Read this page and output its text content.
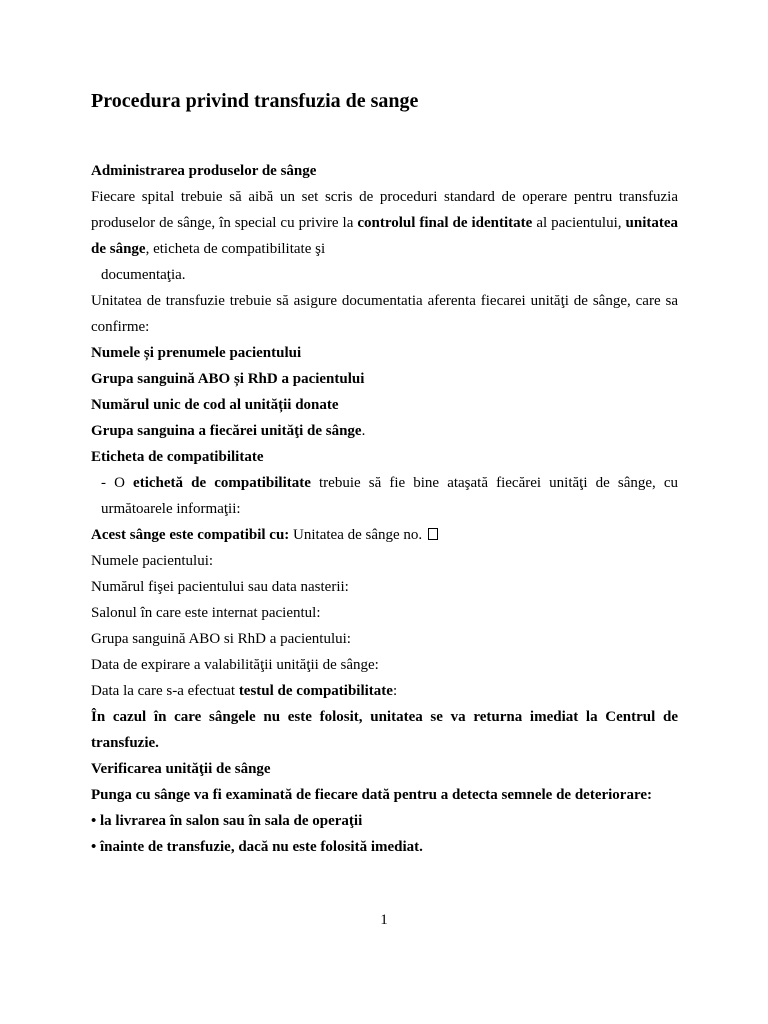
Procedura privind transfuzia de sange
Administrarea produselor de sânge
Fiecare spital trebuie să aibă un set scris de proceduri standard de operare pentru transfuzia produselor de sânge, în special cu privire la controlul final de identitate al pacientului, unitatea de sânge, eticheta de compatibilitate şi
documentaţia.
Unitatea de transfuzie trebuie să asigure documentatia aferenta fiecarei unităţi de sânge, care sa confirme:
Numele și prenumele pacientului
Grupa sanguină ABO și RhD a pacientului
Numărul unic de cod al unității donate
Grupa sanguina a fiecărei unităţi de sânge.
Eticheta de compatibilitate
- O etichetă de compatibilitate trebuie să fie bine ataşată fiecărei unităţi de sânge, cu următoarele informaţii:
Acest sânge este compatibil cu: Unitatea de sânge no.
Numele pacientului:
Numărul fişei pacientului sau data nasterii:
Salonul în care este internat pacientul:
Grupa sanguină ABO si RhD a pacientului:
Data de expirare a valabilităţii unităţii de sânge:
Data la care s-a efectuat testul de compatibilitate:
În cazul în care sângele nu este folosit, unitatea se va returna imediat la Centrul de transfuzie.
Verificarea unităţii de sânge
Punga cu sânge va fi examinată de fiecare dată pentru a detecta semnele de deteriorare:
• la livrarea în salon sau în sala de operaţii
• înainte de transfuzie, dacă nu este folosită imediat.
1
